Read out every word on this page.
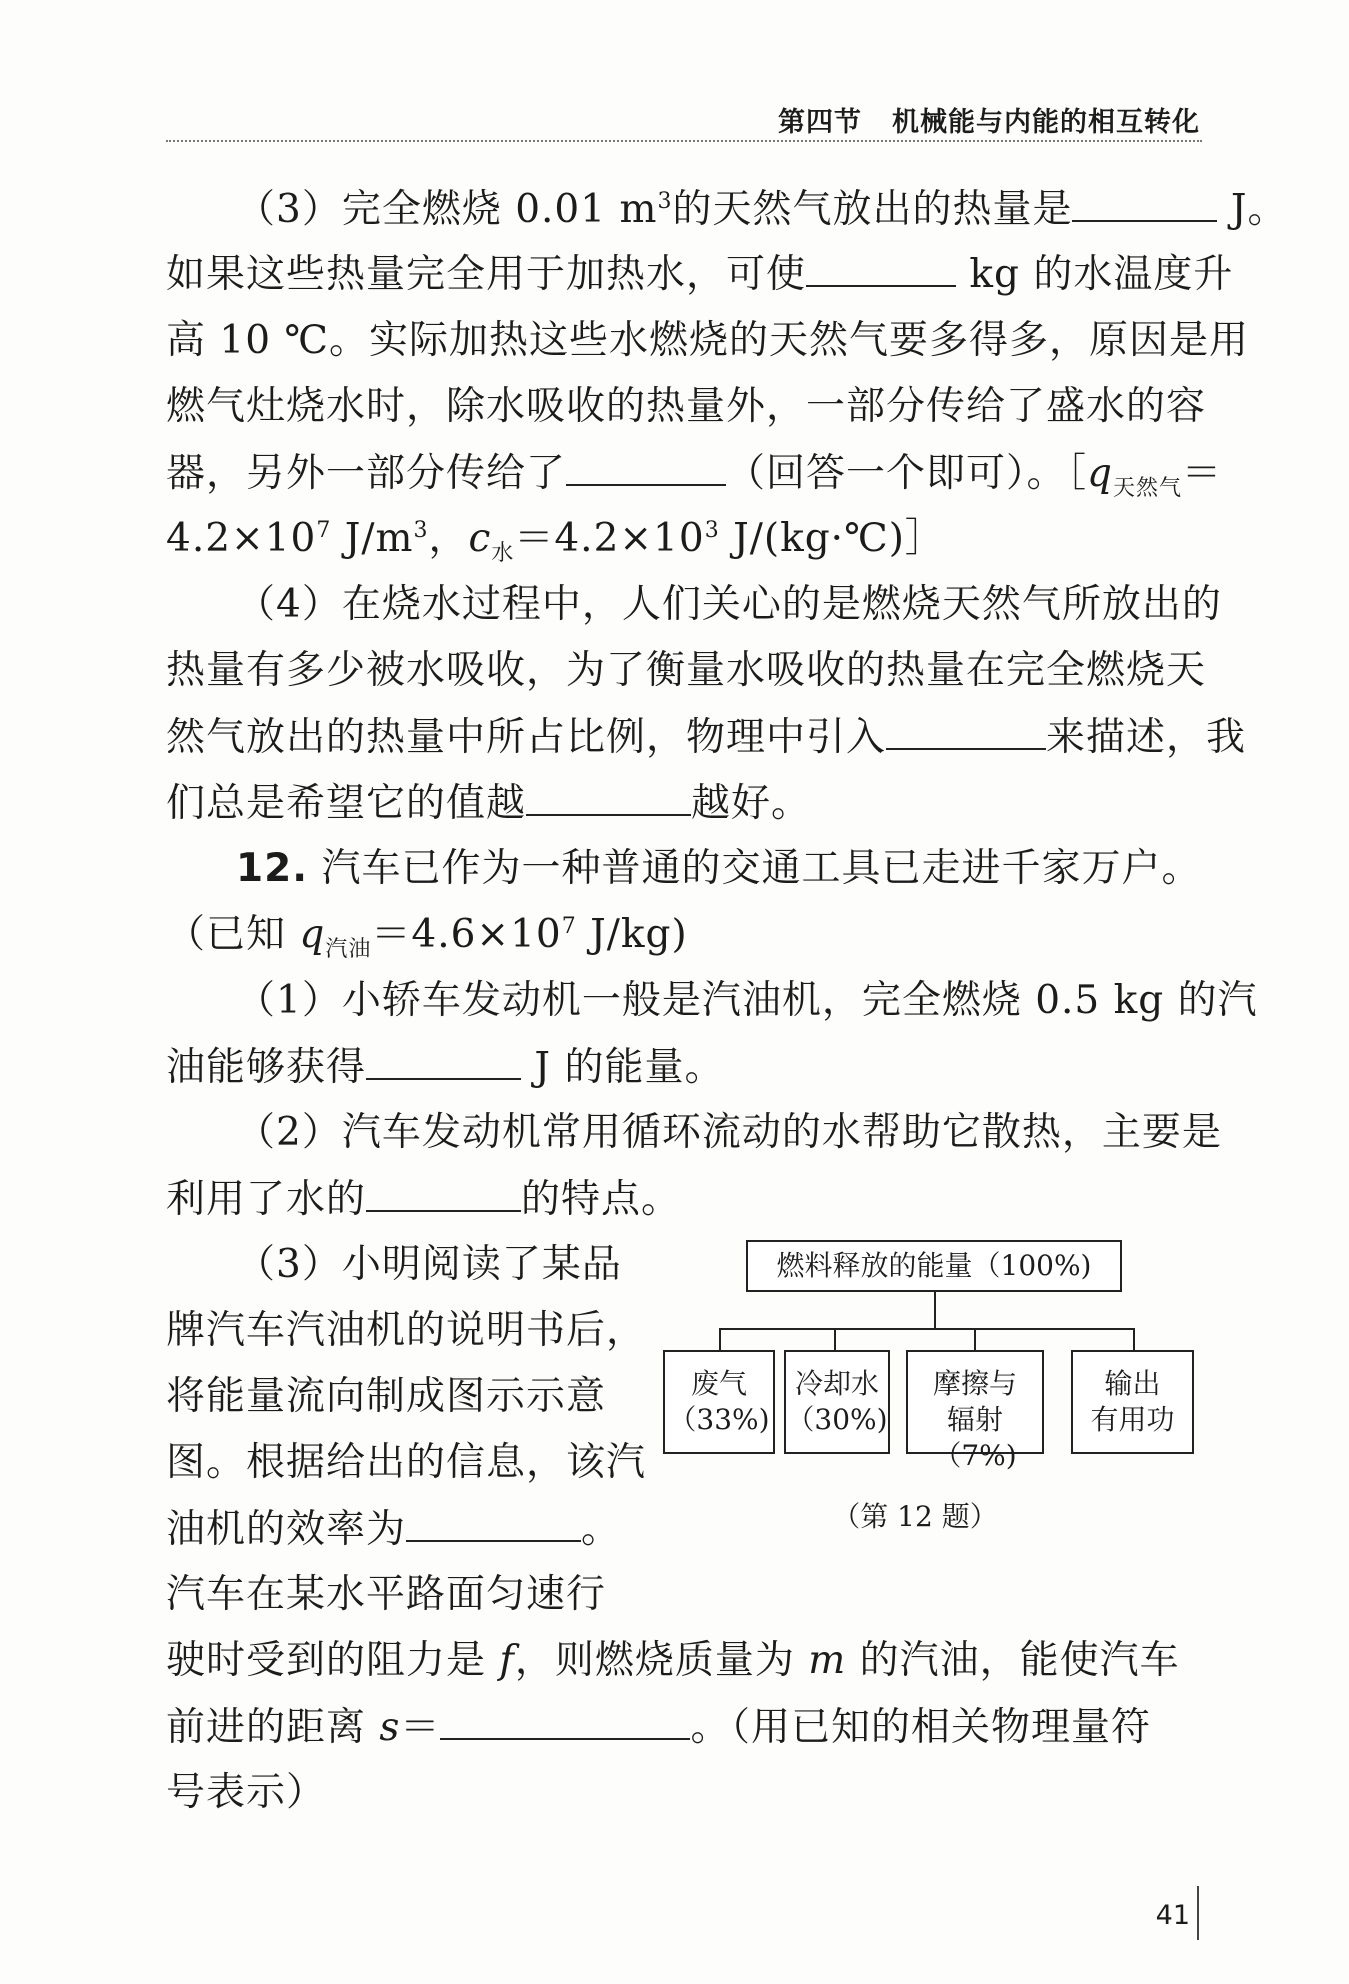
第四节 机械能与内能的相互转化
（3）完全燃烧 0.01 $m^3$的天然气放出的热量是	J。
如果这些热量完全用于加热水，可使	kg 的水温度升
高 10 ℃。实际加热这些水燃烧的天然气要多得多，原因是用
燃气灶烧水时，除水吸收的热量外，一部分传给了盛水的容
器，另外一部分传给了	（回答一个即可）。$[q_{天然气}=$
$4.2\times 10^7$ $J/m^3$，$c_水=4.2\times 10^3$ J/(kg·℃)］
（4）在烧水过程中，人们关心的是燃烧天然气所放出的
热量有多少被水吸收，为了衡量水吸收的热量在完全燃烧天
然气放出的热量中所占比例，物理中引入	来描述，我
们总是希望它的值越	越好。
12. 汽车已作为一种普通的交通工具已走进千家万户。
（已知 $q_{汽油}=4.6\times 10^7$ J/kg)
（1）小轿车发动机一般是汽油机，完全燃烧 0.5 kg 的汽
油能够获得	J 的能量。
（2）汽车发动机常用循环流动的水帮助它散热，主要是
利用了水的	的特点。
（3）小明阅读了某品
牌汽车汽油机的说明书后，
将能量流向制成图示示意
图。根据给出的信息，该汽
油机的效率为	。
汽车在某水平路面匀速行
驶时受到的阻力是 f，则燃烧质量为 m 的汽油，能使汽车
前进的距离 s＝	。（用已知的相关物理量符
号表示）
燃料释放的能量（100%)
废气
（33%)
冷却水
（30%)
摩擦与
辐射（7%)
输出
有用功
（第 12 题）
41
